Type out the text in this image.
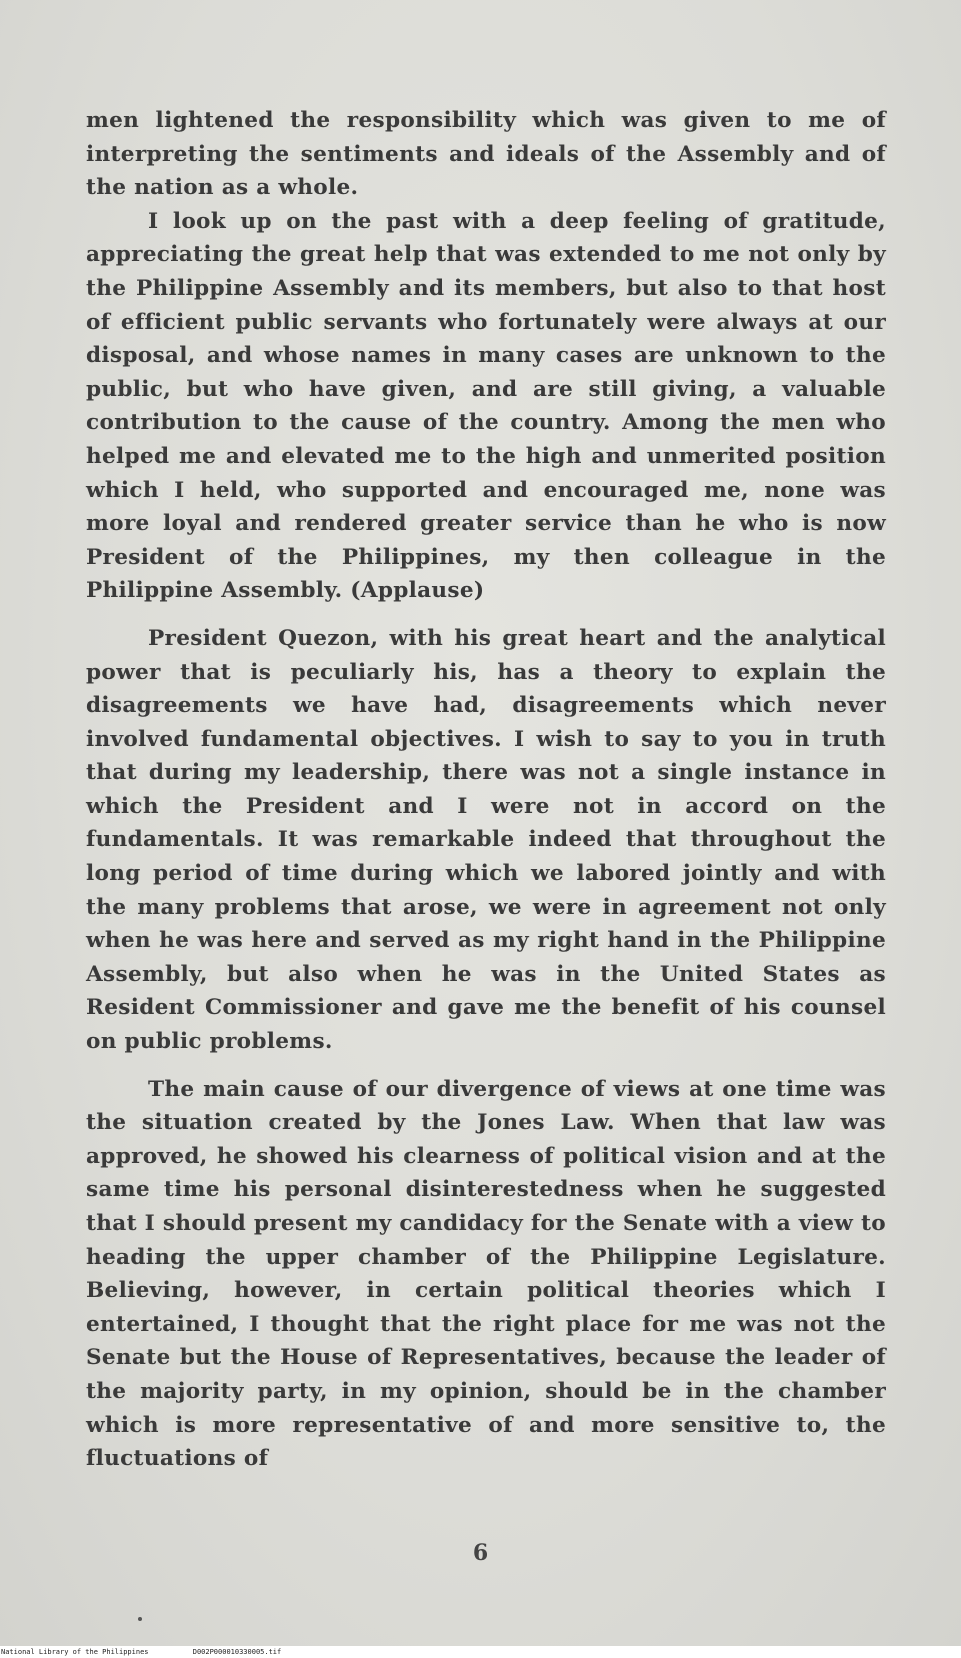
men lightened the responsibility which was given to me of interpreting the sentiments and ideals of the Assembly and of the nation as a whole.

I look up on the past with a deep feeling of gratitude, appreciating the great help that was extended to me not only by the Philippine Assembly and its members, but also to that host of efficient public servants who fortunately were always at our disposal, and whose names in many cases are unknown to the public, but who have given, and are still giving, a valuable contribution to the cause of the country. Among the men who helped me and elevated me to the high and unmerited position which I held, who supported and encouraged me, none was more loyal and rendered greater service than he who is now President of the Philippines, my then colleague in the Philippine Assembly. (Applause)

President Quezon, with his great heart and the analytical power that is peculiarly his, has a theory to explain the disagreements we have had, disagreements which never involved fundamental objectives. I wish to say to you in truth that during my leadership, there was not a single instance in which the President and I were not in accord on the fundamentals. It was remarkable indeed that throughout the long period of time during which we labored jointly and with the many problems that arose, we were in agreement not only when he was here and served as my right hand in the Philippine Assembly, but also when he was in the United States as Resident Commissioner and gave me the benefit of his counsel on public problems.

The main cause of our divergence of views at one time was the situation created by the Jones Law. When that law was approved, he showed his clearness of political vision and at the same time his personal disinterestedness when he suggested that I should present my candidacy for the Senate with a view to heading the upper chamber of the Philippine Legislature. Believing, however, in certain political theories which I entertained, I thought that the right place for me was not the Senate but the House of Representatives, because the leader of the majority party, in my opinion, should be in the chamber which is more representative of and more sensitive to, the fluctuations of

6
National Library of the Philippines	D002P000010330005.tif
